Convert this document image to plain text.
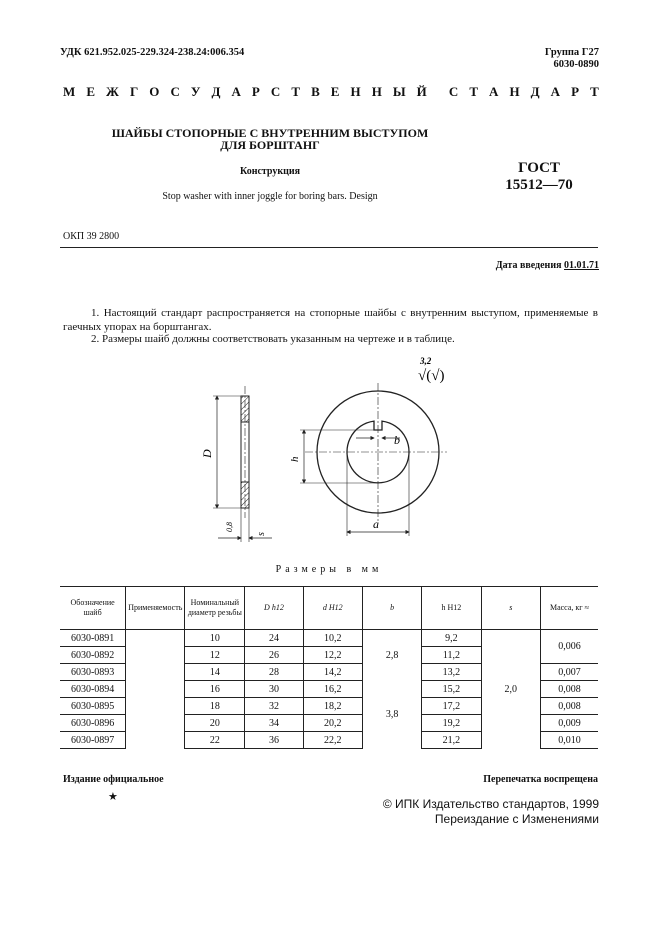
УДК 621.952.025-229.324-238.24:006.354	Группа Г27
6030-0890
М Е Ж Г О С У Д А Р С Т В Е Н Н Ы Й С Т А Н Д А Р Т
ШАЙБЫ СТОПОРНЫЕ С ВНУТРЕННИМ ВЫСТУПОМ
ДЛЯ БОРШТАНГ
Конструкция
Stop washer with inner joggle for boring bars. Design
ГОСТ
15512—70
ОКП 39 2800
Дата введения 01.01.71
1. Настоящий стандарт распространяется на стопорные шайбы с внутренним выступом, применяемые в гаечных упорах на борштангах.
2. Размеры шайб должны соответствовать указанным на чертеже и в таблице.
3,2
√(√)
D
0,8
s
h
b
a
Размеры в мм
Обозначение шайб	Применяемость	Номинальный диаметр резьбы	D h12	d H12	b	h H12	s	Масса, кг ≈
6030-0891		10	24	10,2	2,8	9,2	2,0	0,006
6030-0892		12	26	12,2		11,2		
6030-0893		14	28	14,2		13,2		0,007
6030-0894		16	30	16,2	3,8	15,2		0,008
6030-0895		18	32	18,2		17,2		0,008
6030-0896		20	34	20,2		19,2		0,009
6030-0897		22	36	22,2		21,2		0,010
Издание официальное	Перепечатка воспрещена
★	© ИПК Издательство стандартов, 1999
Переиздание с Изменениями
